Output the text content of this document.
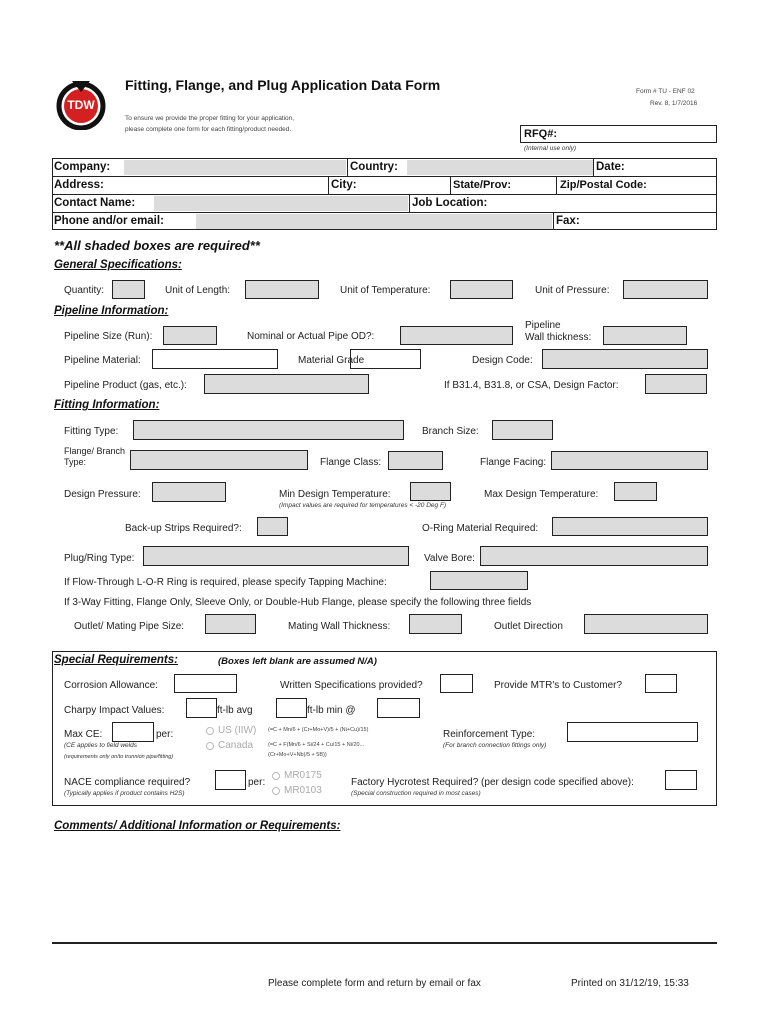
TDW
Fitting, Flange, and Plug Application Data Form	Form # TU - ENF 02
Rev. 8, 1/7/2016
To ensure we provide the proper fitting for your application,
please complete one form for each fitting/product needed.	RFQ#:
(Internal use only)
Company:	Country:	Date:
Address:	City:	State/Prov:	Zip/Postal Code:
Contact Name:	Job Location:
Phone and/or email:	Fax:
**All shaded boxes are required**
General Specifications:
Quantity:	Unit of Length:	Unit of Temperature:	Unit of Pressure:
Pipeline Information:
Pipeline Size (Run):	Nominal or Actual Pipe OD?:
Pipeline
Wall thickness:
Pipeline Material:	Material Grade	Design Code:
Pipeline Product (gas, etc.):	If B31.4, B31.8, or CSA, Design Factor:
Fitting Information:
Fitting Type:	Branch Size:
Flange/ Branch
Type:	Flange Class:	Flange Facing:
Design Pressure:	Min Design Temperature:
(Impact values are required for temperatures < -20 Deg F)
Max Design Temperature:
Back-up Strips Required?:	O-Ring Material Required:
Plug/Ring Type:	Valve Bore:
If Flow-Through L-O-R Ring is required, please specify Tapping Machine:
If 3-Way Fitting, Flange Only, Sleeve Only, or Double-Hub Flange, please specify the following three fields
Outlet/ Mating Pipe Size:	Mating Wall Thickness:	Outlet Direction
Special Requirements:	(Boxes left blank are assumed N/A)
Corrosion Allowance:	Written Specifications provided?	Provide MTR's to Customer?
Charpy Impact Values:	ft-lb avg	ft-lb min @
Max CE:	per:	US (IIW) (=C + Mn/6 + (Cr+Mo+V)/5 + (Ni+Cu)/15)
Canada	(=C + F(Mn/6 + Si/24 + Cu/15 + Ni/20...
(Cr+Mo+V+Nb)/5 + 5B))
(CE applies to field welds
(requirements only on/to trunnion pipe/fitting)
Reinforcement Type:
(For branch connection fittings only)
NACE compliance required?	per:
MR0175
MR0103
(Typically applies if product contains H2S)
Factory Hycrotest Required? (per design code specified above):
(Special construction required in most cases)
Comments/ Additional Information or Requirements:
Please complete form and return by email or fax	Printed on 31/12/19, 15:33
